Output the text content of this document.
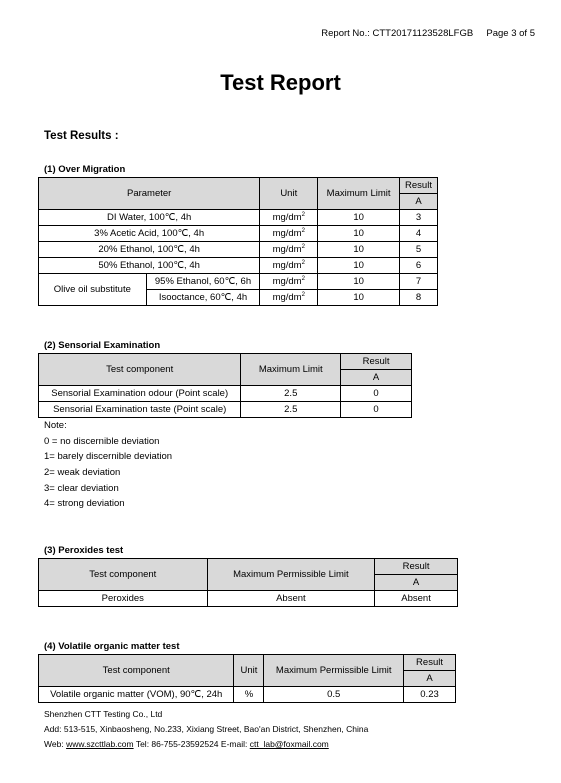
Report No.: CTT20171123528LFGB Page 3 of 5
Test Report
Test Results :
(1) Over Migration
Parameter		Unit	Maximum Limit	Result
				A
DI Water, 100℃, 4h		$mg/dm^2$	10	3
3% Acetic Acid, 100℃, 4h		$mg/dm^2$	10	4
20% Ethanol, 100℃, 4h		$mg/dm^2$	10	5
50% Ethanol, 100℃, 4h		$mg/dm^2$	10	6
Olive oil substitute	95% Ethanol, 60℃, 6h	$mg/dm^2$	10	7
	Isooctance, 60℃, 4h	$mg/dm^2$	10	8
(2) Sensorial Examination
Test component	Maximum Limit	Result
		A
Sensorial Examination odour (Point scale)	2.5	0
Sensorial Examination taste (Point scale)	2.5	0
Note:
0 = no discernible deviation
1= barely discernible deviation
2= weak deviation
3= clear deviation
4= strong deviation
(3) Peroxides test
Test component	Maximum Permissible Limit	Result
		A
Peroxides	Absent	Absent
(4) Volatile organic matter test
Test component	Unit	Maximum Permissible Limit	Result
			A
Volatile organic matter (VOM), 90℃, 24h	%	0.5	0.23
Shenzhen CTT Testing Co., Ltd
Add: 513-515, Xinbaosheng, No.233, Xixiang Street, Bao'an District, Shenzhen, China
Web: www.szcttlab.com Tel: 86-755-23592524 E-mail: ctt_lab@foxmail.com
